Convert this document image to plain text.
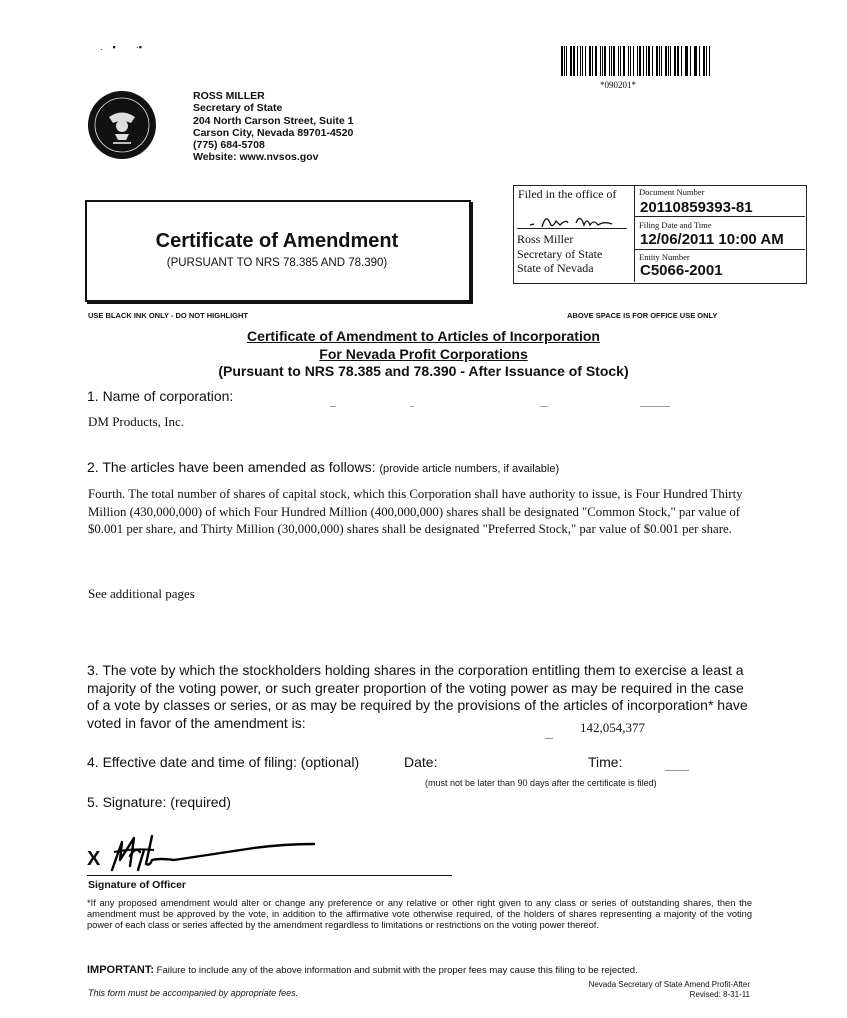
.    ▪        ·▪
*090201*
ROSS MILLER
Secretary of State
204 North Carson Street, Suite 1
Carson City, Nevada 89701-4520
(775) 684-5708
Website: www.nvsos.gov
Filed in the office of
Ross Miller
Secretary of State
State of Nevada
Document Number
20110859393-81
Filing Date and Time
12/06/2011 10:00 AM
Entity Number
C5066-2001
Certificate of Amendment
(PURSUANT TO NRS 78.385 AND 78.390)
USE BLACK INK ONLY - DO NOT HIGHLIGHT	ABOVE SPACE IS FOR OFFICE USE ONLY
Certificate of Amendment to Articles of Incorporation
For Nevada Profit Corporations
(Pursuant to NRS 78.385 and 78.390 - After Issuance of Stock)
1. Name of corporation:
DM Products, Inc.
2. The articles have been amended as follows: (provide article numbers, if available)
Fourth. The total number of shares of capital stock, which this Corporation shall have authority to issue, is Four Hundred Thirty Million (430,000,000) of which Four Hundred Million (400,000,000) shares shall be designated "Common Stock," par value of $0.001 per share, and Thirty Million (30,000,000) shares shall be designated "Preferred Stock," par value of $0.001 per share.
See additional pages
3. The vote by which the stockholders holding shares in the corporation entitling them to exercise a least a majority of the voting power, or such greater proportion of the voting power as may be required in the case of a vote by classes or series, or as may be required by the provisions of the articles of incorporation* have voted in favor of the amendment is:	142,054,377
4. Effective date and time of filing: (optional)	Date:	Time:
(must not be later than 90 days after the certificate is filed)
5. Signature: (required)
X
Signature of Officer
*If any proposed amendment would alter or change any preference or any relative or other right given to any class or series of outstanding shares, then the amendment must be approved by the vote, in addition to the affirmative vote otherwise required, of the holders of shares representing a majority of the voting power of each class or series affected by the amendment regardless to limitations or restrictions on the voting power thereof.
IMPORTANT: Failure to include any of the above information and submit with the proper fees may cause this filing to be rejected.
This form must be accompanied by appropriate fees.
Nevada Secretary of State Amend Profit-After
Revised: 8-31-11
